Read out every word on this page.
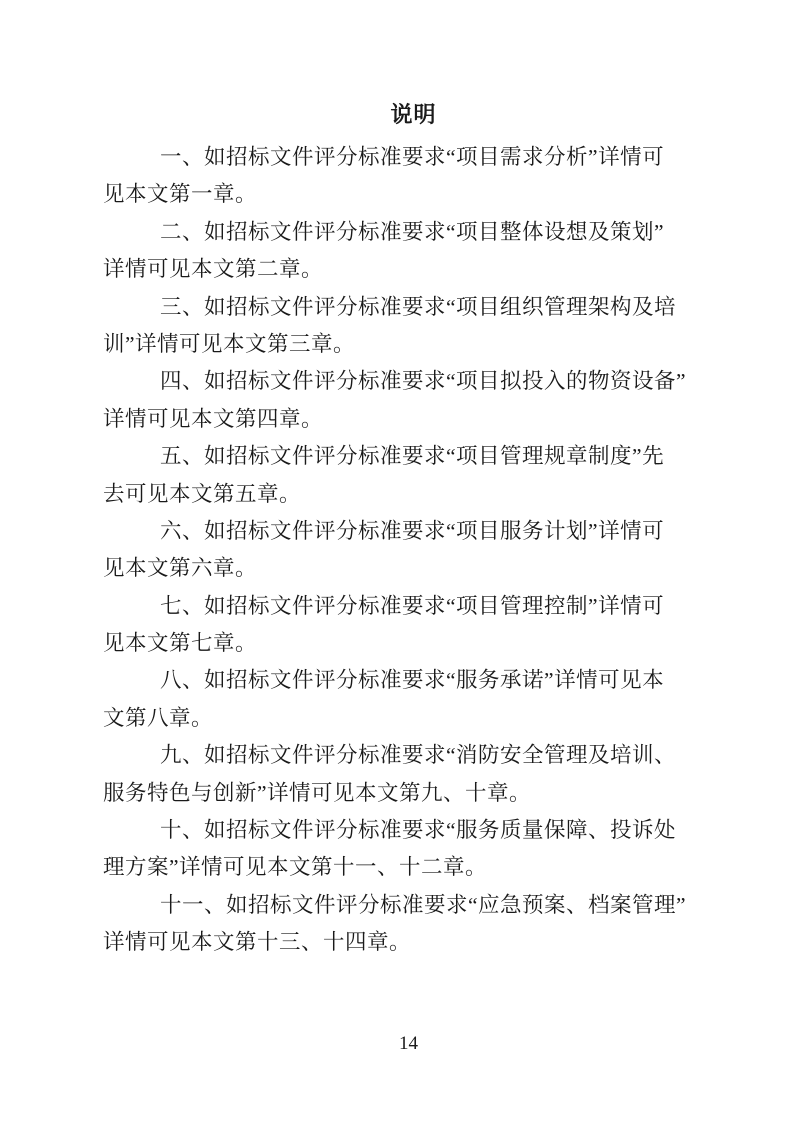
说明

一、如招标文件评分标准要求“项目需求分析”详情可
见本文第一章。

二、如招标文件评分标准要求“项目整体设想及策划”
详情可见本文第二章。

三、如招标文件评分标准要求“项目组织管理架构及培
训”详情可见本文第三章。

四、如招标文件评分标准要求“项目拟投入的物资设备”
详情可见本文第四章。

五、如招标文件评分标准要求“项目管理规章制度”先
去可见本文第五章。

六、如招标文件评分标准要求“项目服务计划”详情可
见本文第六章。

七、如招标文件评分标准要求“项目管理控制”详情可
见本文第七章。

八、如招标文件评分标准要求“服务承诺”详情可见本
文第八章。

九、如招标文件评分标准要求“消防安全管理及培训、
服务特色与创新”详情可见本文第九、十章。

十、如招标文件评分标准要求“服务质量保障、投诉处
理方案”详情可见本文第十一、十二章。

十一、如招标文件评分标准要求“应急预案、档案管理”
详情可见本文第十三、十四章。

14
